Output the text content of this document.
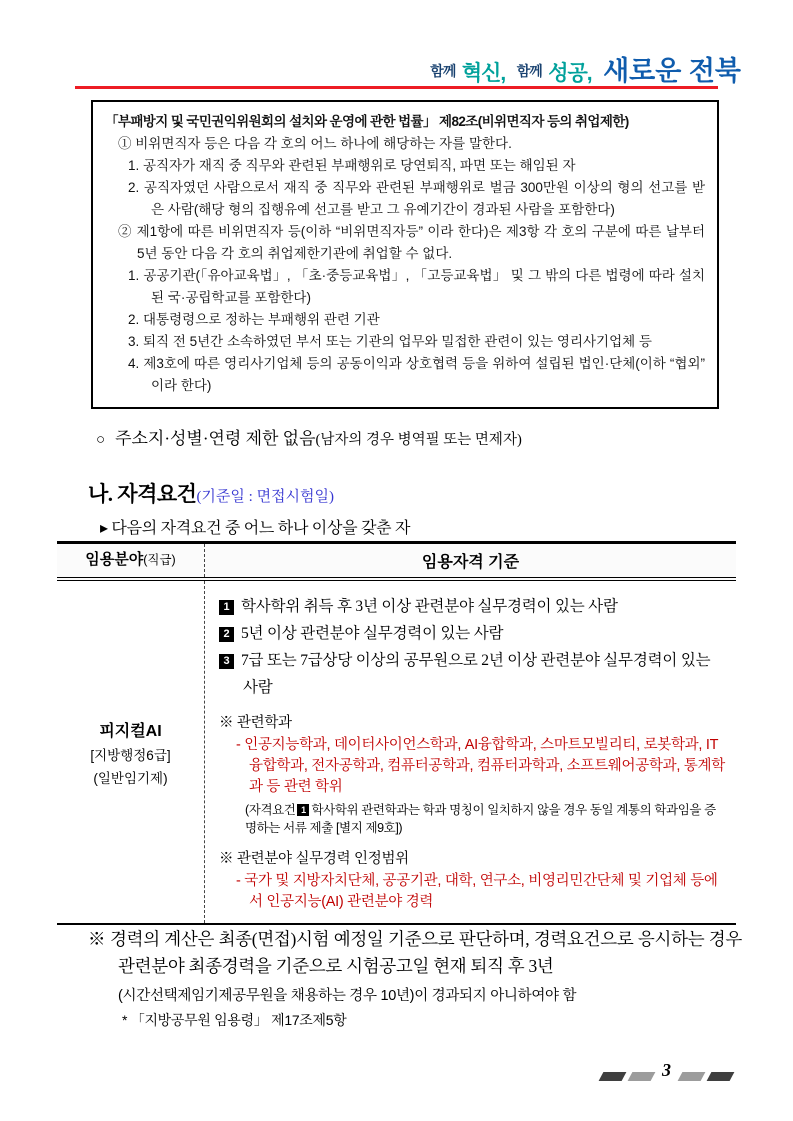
함께 혁신, 함께 성공, 새로운 전북
「부패방지 및 국민권익위원회의 설치와 운영에 관한 법률」 제82조(비위면직자 등의 취업제한)
① 비위면직자 등은 다음 각 호의 어느 하나에 해당하는 자를 말한다.
1. 공직자가 재직 중 직무와 관련된 부패행위로 당연퇴직, 파면 또는 해임된 자
2. 공직자였던 사람으로서 재직 중 직무와 관련된 부패행위로 벌금 300만원 이상의 형의 선고를 받은 사람(해당 형의 집행유예 선고를 받고 그 유예기간이 경과된 사람을 포함한다)
② 제1항에 따른 비위면직자 등(이하 “비위면직자등” 이라 한다)은 제3항 각 호의 구분에 따른 날부터 5년 동안 다음 각 호의 취업제한기관에 취업할 수 없다.
1. 공공기관(「유아교육법」, 「초·중등교육법」, 「고등교육법」 및 그 밖의 다른 법령에 따라 설치된 국·공립학교를 포함한다)
2. 대통령령으로 정하는 부패행위 관련 기관
3. 퇴직 전 5년간 소속하였던 부서 또는 기관의 업무와 밀접한 관련이 있는 영리사기업체 등
4. 제3호에 따른 영리사기업체 등의 공동이익과 상호협력 등을 위하여 설립된 법인·단체(이하 “협외” 이라 한다)
○ 주소지·성별·연령 제한 없음(남자의 경우 병역필 또는 면제자)
나. 자격요건(기준일 : 면접시험일)
▸ 다음의 자격요건 중 어느 하나 이상을 갖춘 자
임용분야(직급)	임용자격 기준
피지컬AI
[지방행정6급]
(일반임기제)
1 학사학위 취득 후 3년 이상 관련분야 실무경력이 있는 사람
2 5년 이상 관련분야 실무경력이 있는 사람
3 7급 또는 7급상당 이상의 공무원으로 2년 이상 관련분야 실무경력이 있는 사람
※ 관련학과
- 인공지능학과, 데이터사이언스학과, AI융합학과, 스마트모빌리티, 로봇학과, IT융합학과, 전자공학과, 컴퓨터공학과, 컴퓨터과학과, 소프트웨어공학과, 통계학과 등 관련 학위
(자격요건 1 학사학위 관련학과는 학과 명칭이 일치하지 않을 경우 동일 계통의 학과임을 증명하는 서류 제출 [별지 제9호])
※ 관련분야 실무경력 인정범위
- 국가 및 지방자치단체, 공공기관, 대학, 연구소, 비영리민간단체 및 기업체 등에서 인공지능(AI) 관련분야 경력
※ 경력의 계산은 최종(면접)시험 예정일 기준으로 판단하며, 경력요건으로 응시하는 경우 관련분야 최종경력을 기준으로 시험공고일 현재 퇴직 후 3년
(시간선택제임기제공무원을 채용하는 경우 10년)이 경과되지 아니하여야 함
* 「지방공무원 임용령」 제17조제5항
3
